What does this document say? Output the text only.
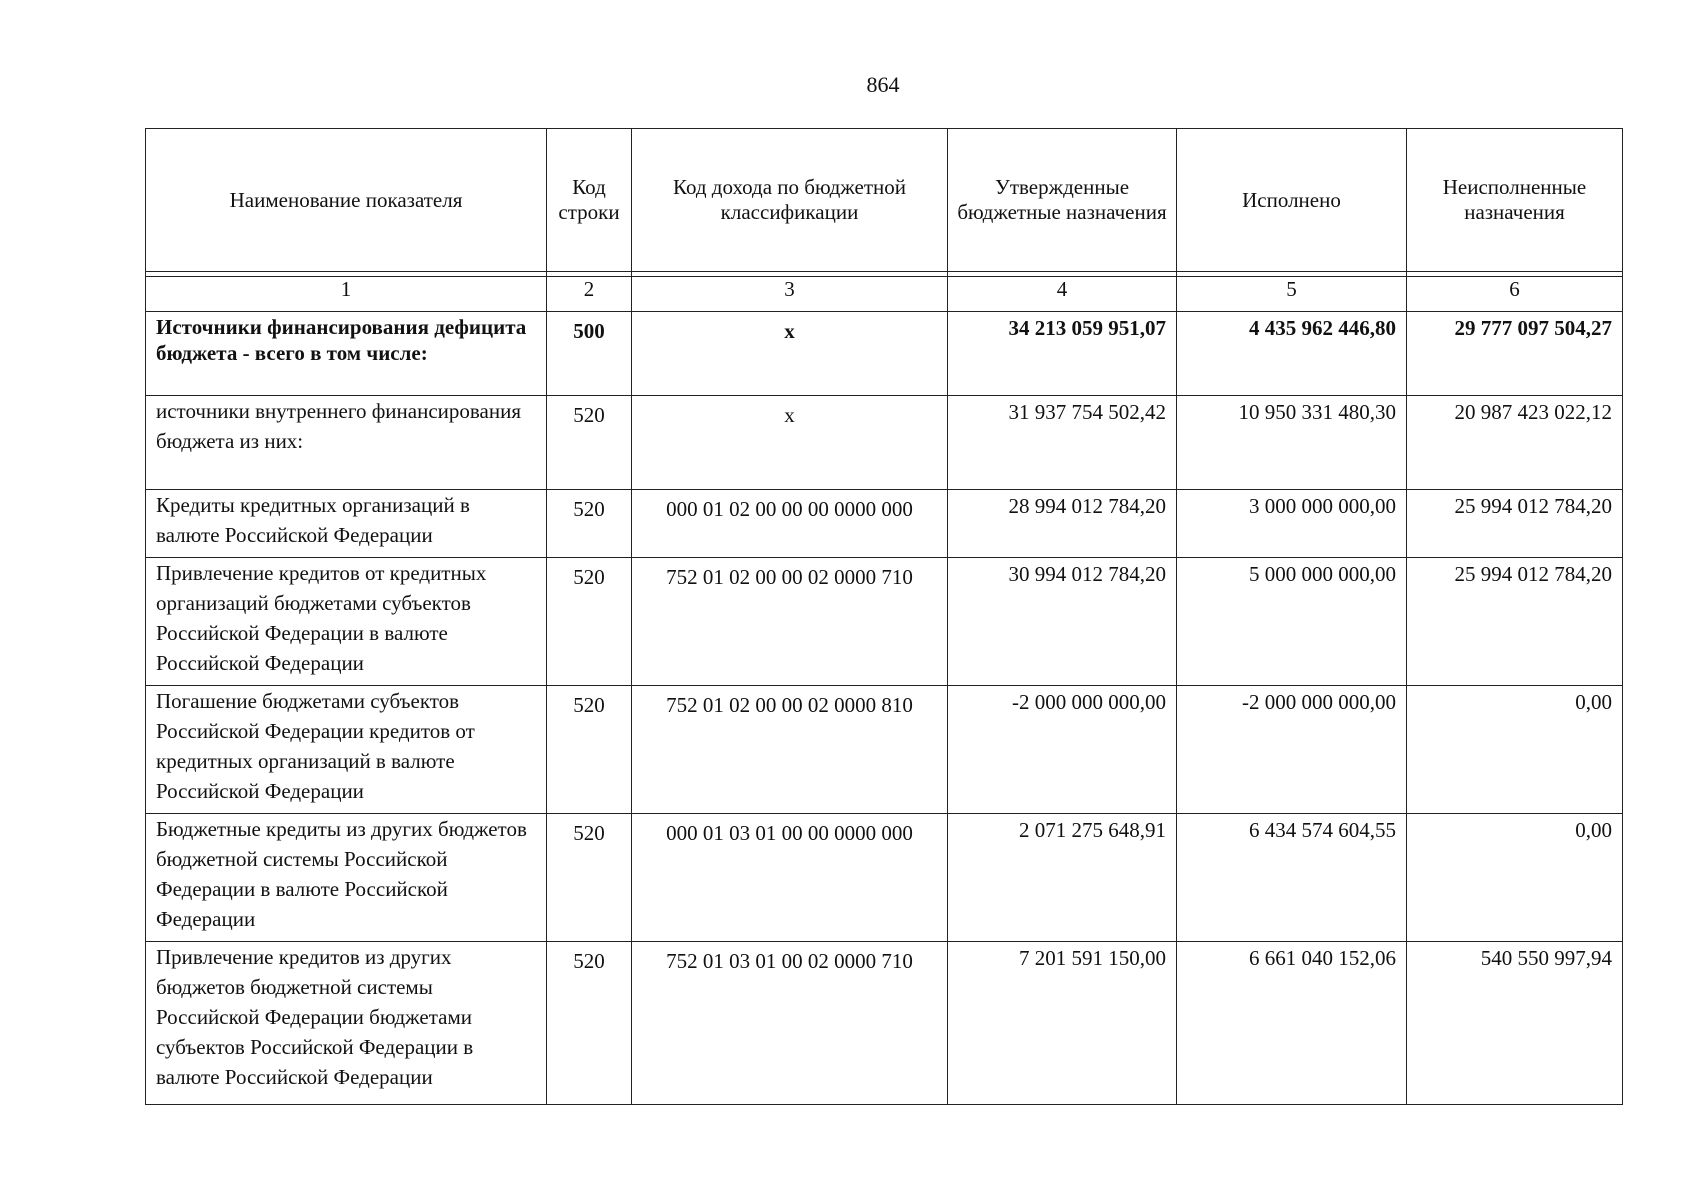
864
Наименование показателя	Код строки	Код дохода по бюджетной классификации	Утвержденные бюджетные назначения	Исполнено	Неисполненные назначения

1	2	3	4	5	6
Источники финансирования дефицита бюджета - всего в том числе:	500	x	34 213 059 951,07	4 435 962 446,80	29 777 097 504,27
источники внутреннего финансирования бюджета из них:	520	x	31 937 754 502,42	10 950 331 480,30	20 987 423 022,12
Кредиты кредитных организаций в валюте Российской Федерации	520	000 01 02 00 00 00 0000 000	28 994 012 784,20	3 000 000 000,00	25 994 012 784,20
Привлечение кредитов от кредитных организаций бюджетами субъектов Российской Федерации в валюте Российской Федерации	520	752 01 02 00 00 02 0000 710	30 994 012 784,20	5 000 000 000,00	25 994 012 784,20
Погашение бюджетами субъектов Российской Федерации кредитов от кредитных организаций в валюте Российской Федерации	520	752 01 02 00 00 02 0000 810	-2 000 000 000,00	-2 000 000 000,00	0,00
Бюджетные кредиты из других бюджетов бюджетной системы Российской Федерации в валюте Российской Федерации	520	000 01 03 01 00 00 0000 000	2 071 275 648,91	6 434 574 604,55	0,00
Привлечение кредитов из других бюджетов бюджетной системы Российской Федерации бюджетами субъектов Российской Федерации в валюте Российской Федерации	520	752 01 03 01 00 02 0000 710	7 201 591 150,00	6 661 040 152,06	540 550 997,94
